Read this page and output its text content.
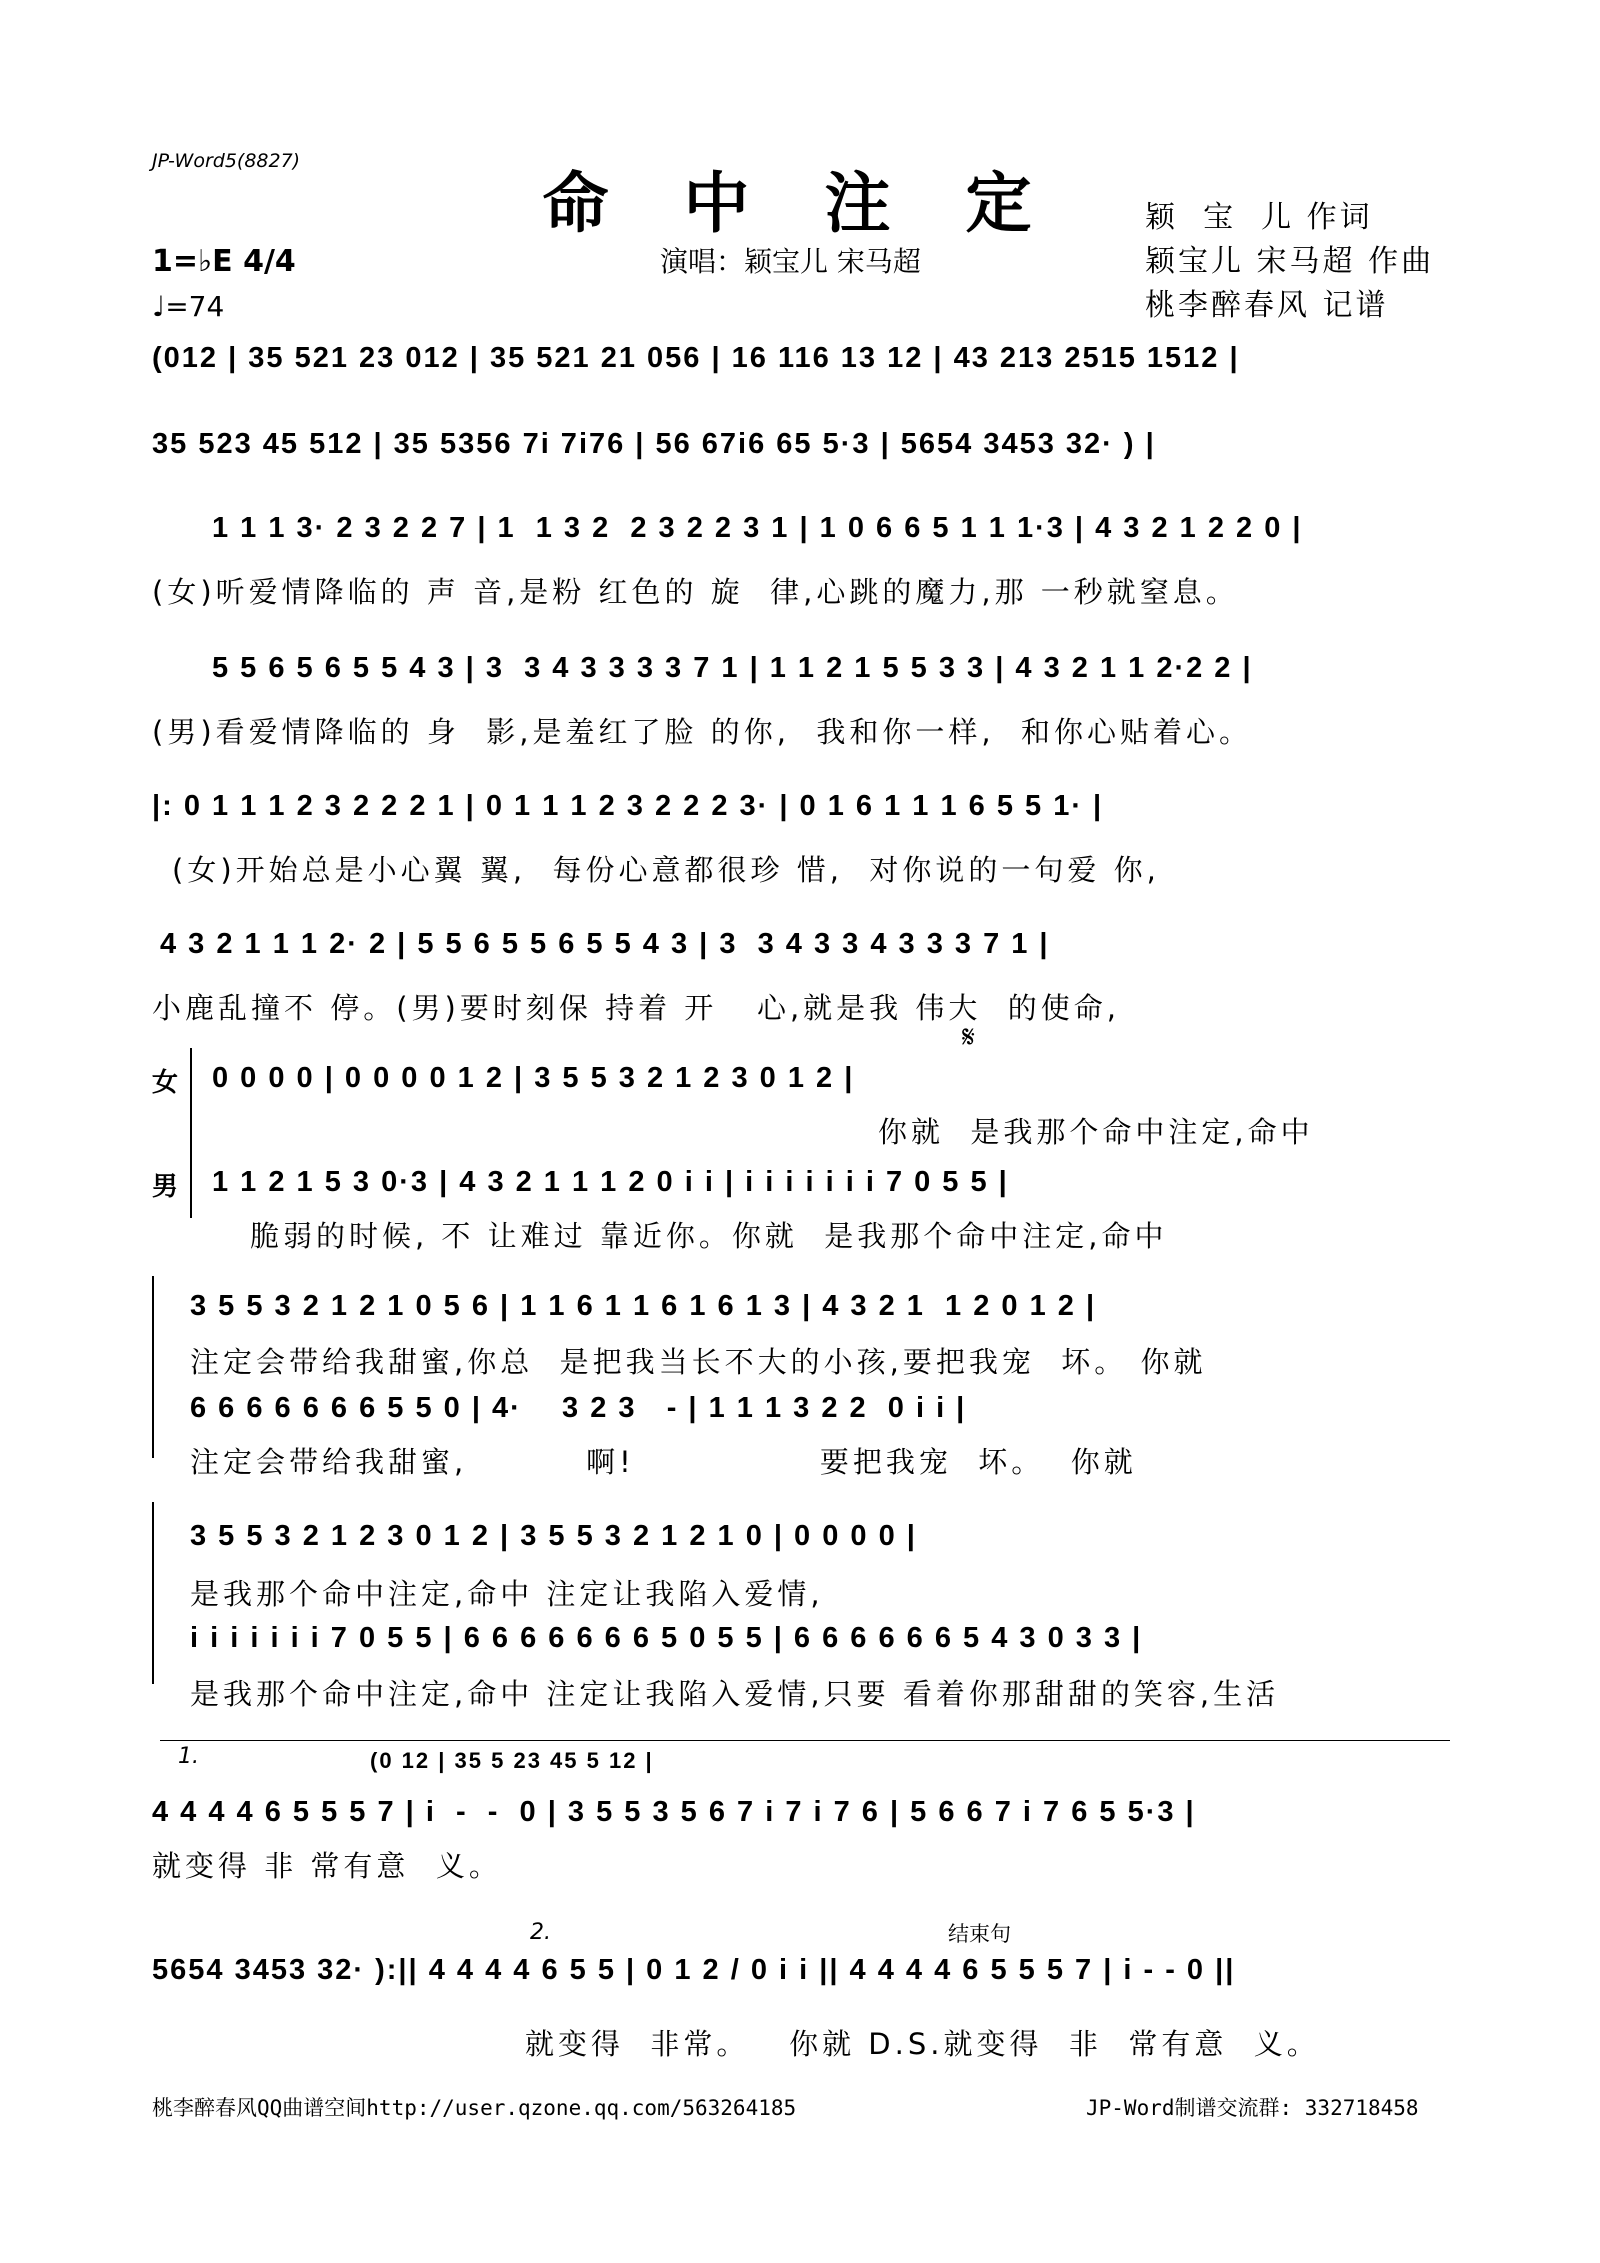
JP-Word5(8827)
命 中 注 定
演唱：颖宝儿 宋马超
颖  宝  儿 作词
颖宝儿 宋马超 作曲
桃李醉春风 记谱
1=♭E 4/4
♩=74
(012 | 35 521 23 012 | 35 521 21 056 | 16 116 13 12 | 43 213 2515 1512 |
35 523 45 512 | 35 5356 7i 7i76 | 56 67i6 65 5·3 | 5654 3453 32· ) |
1 1 1 3· 2 3 2 2 7 | 1  1 3 2  2 3 2 2 3 1 | 1 0 6 6 5 1 1 1·3 | 4 3 2 1 2 2 0 |
(女)听爱情降临的 声 音,是粉 红色的 旋  律,心跳的魔力,那 一秒就窒息。
5 5 6 5 6 5 5 4 3 | 3  3 4 3 3 3 3 7 1 | 1 1 2 1 5 5 3 3 | 4 3 2 1 1 2·2 2 |
(男)看爱情降临的 身  影,是羞红了脸 的你,  我和你一样,  和你心贴着心。
|: 0 1 1 1 2 3 2 2 2 1 | 0 1 1 1 2 3 2 2 2 3· | 0 1 6 1 1 1 6 5 5 1· |
(女)开始总是小心翼 翼,  每份心意都很珍 惜,  对你说的一句爱 你,
4 3 2 1 1 1 2· 2 | 5 5 6 5 5 6 5 5 4 3 | 3  3 4 3 3 4 3 3 3 7 1 |
小鹿乱撞不 停。(男)要时刻保 持着 开   心,就是我 伟大  的使命,
𝄋
女
男
0 0 0 0 | 0 0 0 0 1 2 | 3 5 5 3 2 1 2 3 0 1 2 |
你就  是我那个命中注定,命中
1 1 2 1 5 3 0·3 | 4 3 2 1 1 1 2 0 i i | i i i i i i i 7 0 5 5 |
脆弱的时候, 不 让难过 靠近你。你就  是我那个命中注定,命中
3 5 5 3 2 1 2 1 0 5 6 | 1 1 6 1 1 6 1 6 1 3 | 4 3 2 1  1 2 0 1 2 |
注定会带给我甜蜜,你总  是把我当长不大的小孩,要把我宠  坏。 你就
6 6 6 6 6 6 6 5 5 0 | 4·    3 2 3   - | 1 1 1 3 2 2  0 i i |
注定会带给我甜蜜,         啊!              要把我宠  坏。  你就
3 5 5 3 2 1 2 3 0 1 2 | 3 5 5 3 2 1 2 1 0 | 0 0 0 0 |
是我那个命中注定,命中 注定让我陷入爱情,
i i i i i i i 7 0 5 5 | 6 6 6 6 6 6 6 5 0 5 5 | 6 6 6 6 6 6 5 4 3 0 3 3 |
是我那个命中注定,命中 注定让我陷入爱情,只要 看着你那甜甜的笑容,生活
1.	(0 12 | 35 5 23 45 5 12 |
4 4 4 4 6 5 5 5 7 | i  -  -  0 | 3 5 5 3 5 6 7 i 7 i 7 6 | 5 6 6 7 i 7 6 5 5·3 |
就变得 非 常有意  义。
2.	结束句
5654 3453 32· ):|| 4 4 4 4 6 5 5 | 0 1 2 / 0 i i || 4 4 4 4 6 5 5 5 7 | i - - 0 ||
就变得  非常。   你就 D.S.就变得  非  常有意  义。
桃李醉春风QQ曲谱空间http://user.qzone.qq.com/563264185	JP-Word制谱交流群: 332718458
